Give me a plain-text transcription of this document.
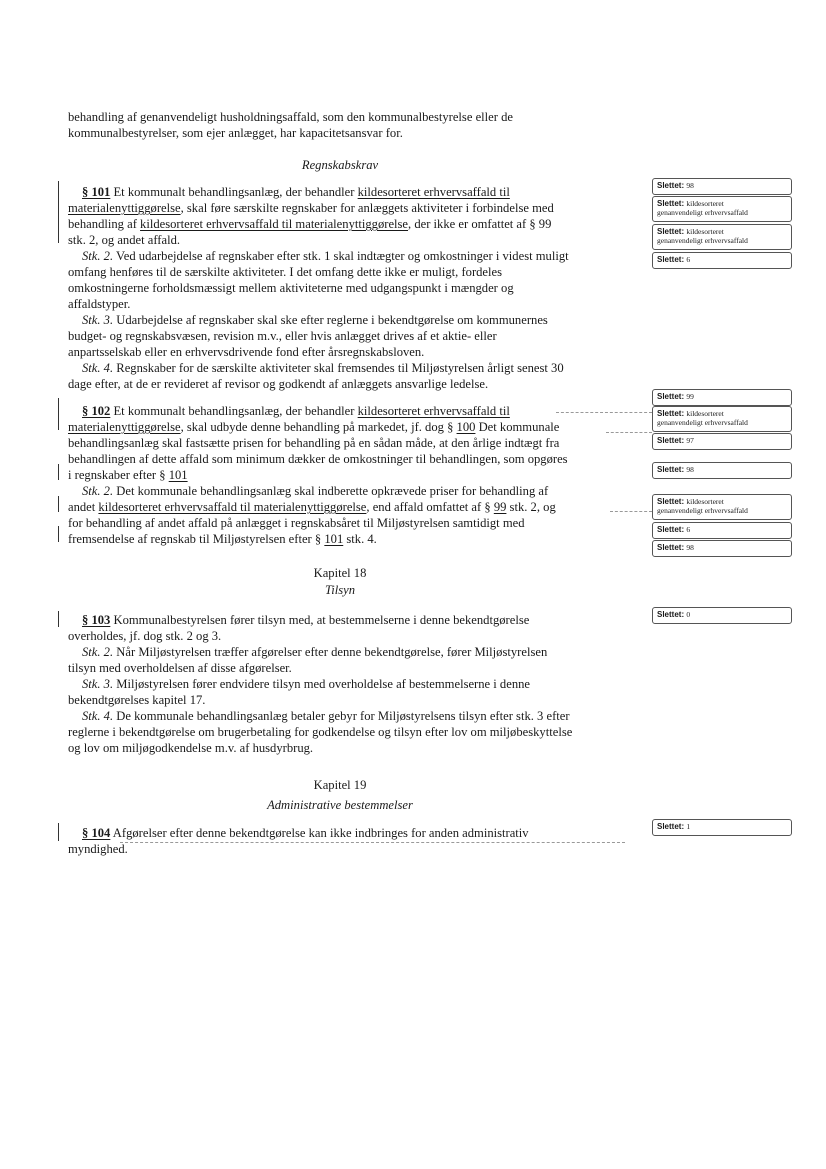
behandling af genanvendeligt husholdningsaffald, som den kommunalbestyrelse eller de
kommunalbestyrelser, som ejer anlægget, har kapacitetsansvar for.
Regnskabskrav
§ 101 Et kommunalt behandlingsanlæg, der behandler kildesorteret erhvervsaffald til
materialenyttiggørelse, skal føre særskilte regnskaber for anlæggets aktiviteter i forbindelse med
behandling af kildesorteret erhvervsaffald til materialenyttiggørelse, der ikke er omfattet af § 99
stk. 2, og andet affald.
Stk. 2. Ved udarbejdelse af regnskaber efter stk. 1 skal indtægter og omkostninger i videst muligt
omfang henføres til de særskilte aktiviteter. I det omfang dette ikke er muligt, fordeles
omkostningerne forholdsmæssigt mellem aktiviteterne med udgangspunkt i mængder og
affaldstyper.
Stk. 3. Udarbejdelse af regnskaber skal ske efter reglerne i bekendtgørelse om kommunernes
budget- og regnskabsvæsen, revision m.v., eller hvis anlægget drives af et aktie- eller
anpartsselskab eller en erhvervsdrivende fond efter årsregnskabsloven.
Stk. 4. Regnskaber for de særskilte aktiviteter skal fremsendes til Miljøstyrelsen årligt senest 30
dage efter, at de er revideret af revisor og godkendt af anlæggets ansvarlige ledelse.
§ 102 Et kommunalt behandlingsanlæg, der behandler kildesorteret erhvervsaffald til
materialenyttiggørelse, skal udbyde denne behandling på markedet, jf. dog § 100 Det kommunale
behandlingsanlæg skal fastsætte prisen for behandling på en sådan måde, at den årlige indtægt fra
behandlingen af dette affald som minimum dækker de omkostninger til behandlingen, som opgøres
i regnskaber efter § 101
Stk. 2. Det kommunale behandlingsanlæg skal indberette opkrævede priser for behandling af
andet kildesorteret erhvervsaffald til materialenyttiggørelse, end affald omfattet af § 99 stk. 2, og
for behandling af andet affald på anlægget i regnskabsåret til Miljøstyrelsen samtidigt med
fremsendelse af regnskab til Miljøstyrelsen efter § 101 stk. 4.
Kapitel 18
Tilsyn
§ 103 Kommunalbestyrelsen fører tilsyn med, at bestemmelserne i denne bekendtgørelse
overholdes, jf. dog stk. 2 og 3.
Stk. 2. Når Miljøstyrelsen træffer afgørelser efter denne bekendtgørelse, fører Miljøstyrelsen
tilsyn med overholdelsen af disse afgørelser.
Stk. 3. Miljøstyrelsen fører endvidere tilsyn med overholdelse af bestemmelserne i denne
bekendtgørelses kapitel 17.
Stk. 4. De kommunale behandlingsanlæg betaler gebyr for Miljøstyrelsens tilsyn efter stk. 3 efter
reglerne i bekendtgørelse om brugerbetaling for godkendelse og tilsyn efter lov om miljøbeskyttelse
og lov om miljøgodkendelse m.v. af husdyrbrug.
Kapitel 19
Administrative bestemmelser
§ 104 Afgørelser efter denne bekendtgørelse kan ikke indbringes for anden administrativ
myndighed.
Slettet: 98
Slettet: kildesorteret
genanvendeligt erhvervsaffald
Slettet: kildesorteret
genanvendeligt erhvervsaffald
Slettet: 6
Slettet: 99
Slettet: kildesorteret
genanvendeligt erhvervsaffald
Slettet: 97
Slettet: 98
Slettet: kildesorteret
genanvendeligt erhvervsaffald
Slettet: 6
Slettet: 98
Slettet: 0
Slettet: 1
